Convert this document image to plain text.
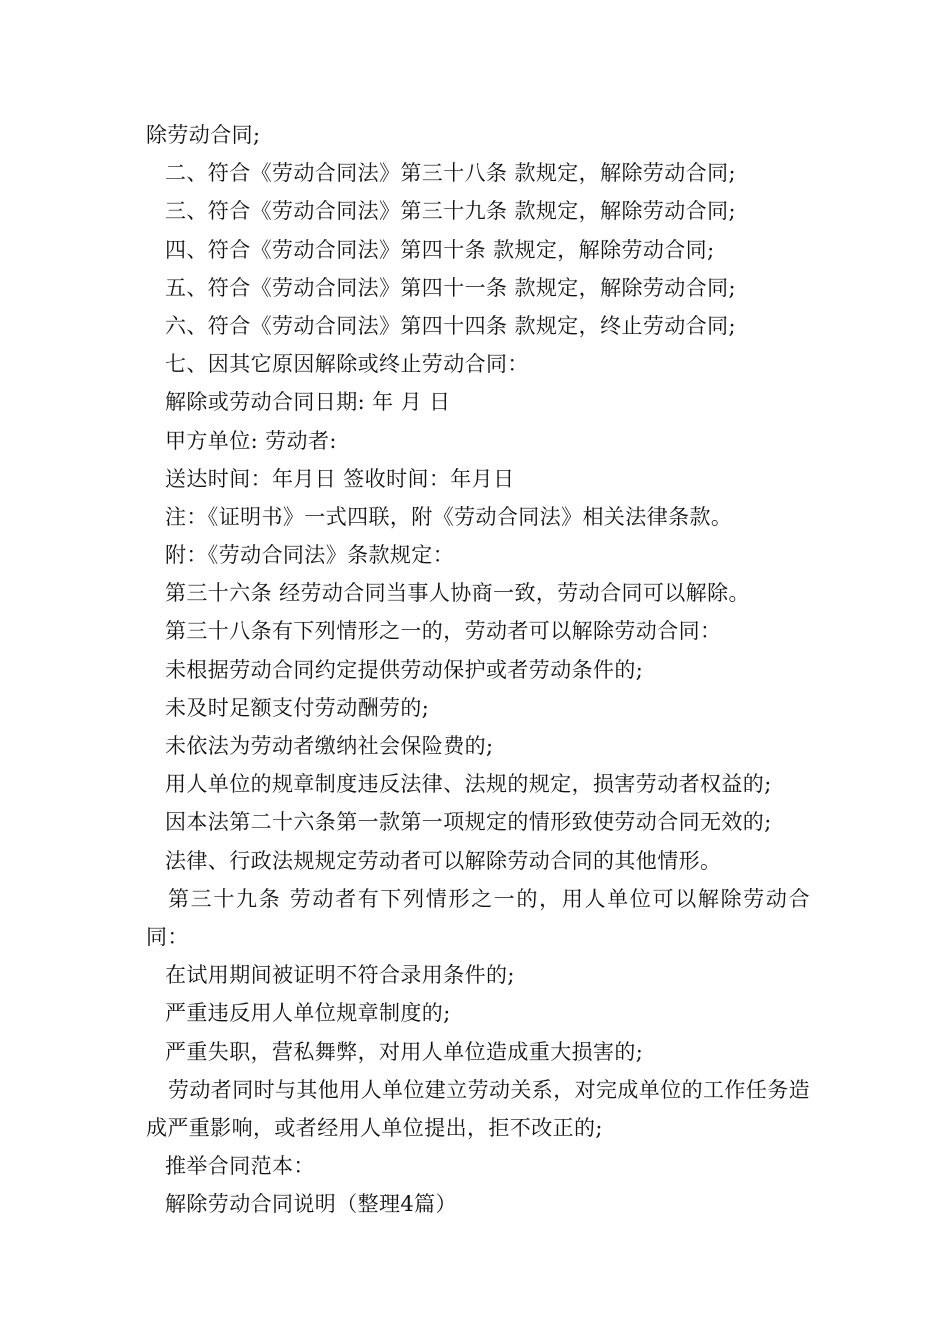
除劳动合同;
二、符合《劳动合同法》第三十八条 款规定，解除劳动合同;
三、符合《劳动合同法》第三十九条 款规定，解除劳动合同;
四、符合《劳动合同法》第四十条 款规定，解除劳动合同;
五、符合《劳动合同法》第四十一条 款规定，解除劳动合同;
六、符合《劳动合同法》第四十四条 款规定，终止劳动合同;
七、因其它原因解除或终止劳动合同：
解除或劳动合同日期: 年 月 日
甲方单位: 劳动者:
送达时间：年月日 签收时间：年月日
注：《证明书》一式四联，附《劳动合同法》相关法律条款。
附：《劳动合同法》条款规定：
第三十六条 经劳动合同当事人协商一致，劳动合同可以解除。
第三十八条有下列情形之一的，劳动者可以解除劳动合同：
未根据劳动合同约定提供劳动保护或者劳动条件的;
未及时足额支付劳动酬劳的;
未依法为劳动者缴纳社会保险费的;
用人单位的规章制度违反法律、法规的规定，损害劳动者权益的;
因本法第二十六条第一款第一项规定的情形致使劳动合同无效的;
法律、行政法规规定劳动者可以解除劳动合同的其他情形。
第三十九条 劳动者有下列情形之一的，用人单位可以解除劳动合同：
在试用期间被证明不符合录用条件的;
严重违反用人单位规章制度的;
严重失职，营私舞弊，对用人单位造成重大损害的;
劳动者同时与其他用人单位建立劳动关系，对完成单位的工作任务造成严重影响，或者经用人单位提出，拒不改正的;
推举合同范本：
解除劳动合同说明（整理4篇）
